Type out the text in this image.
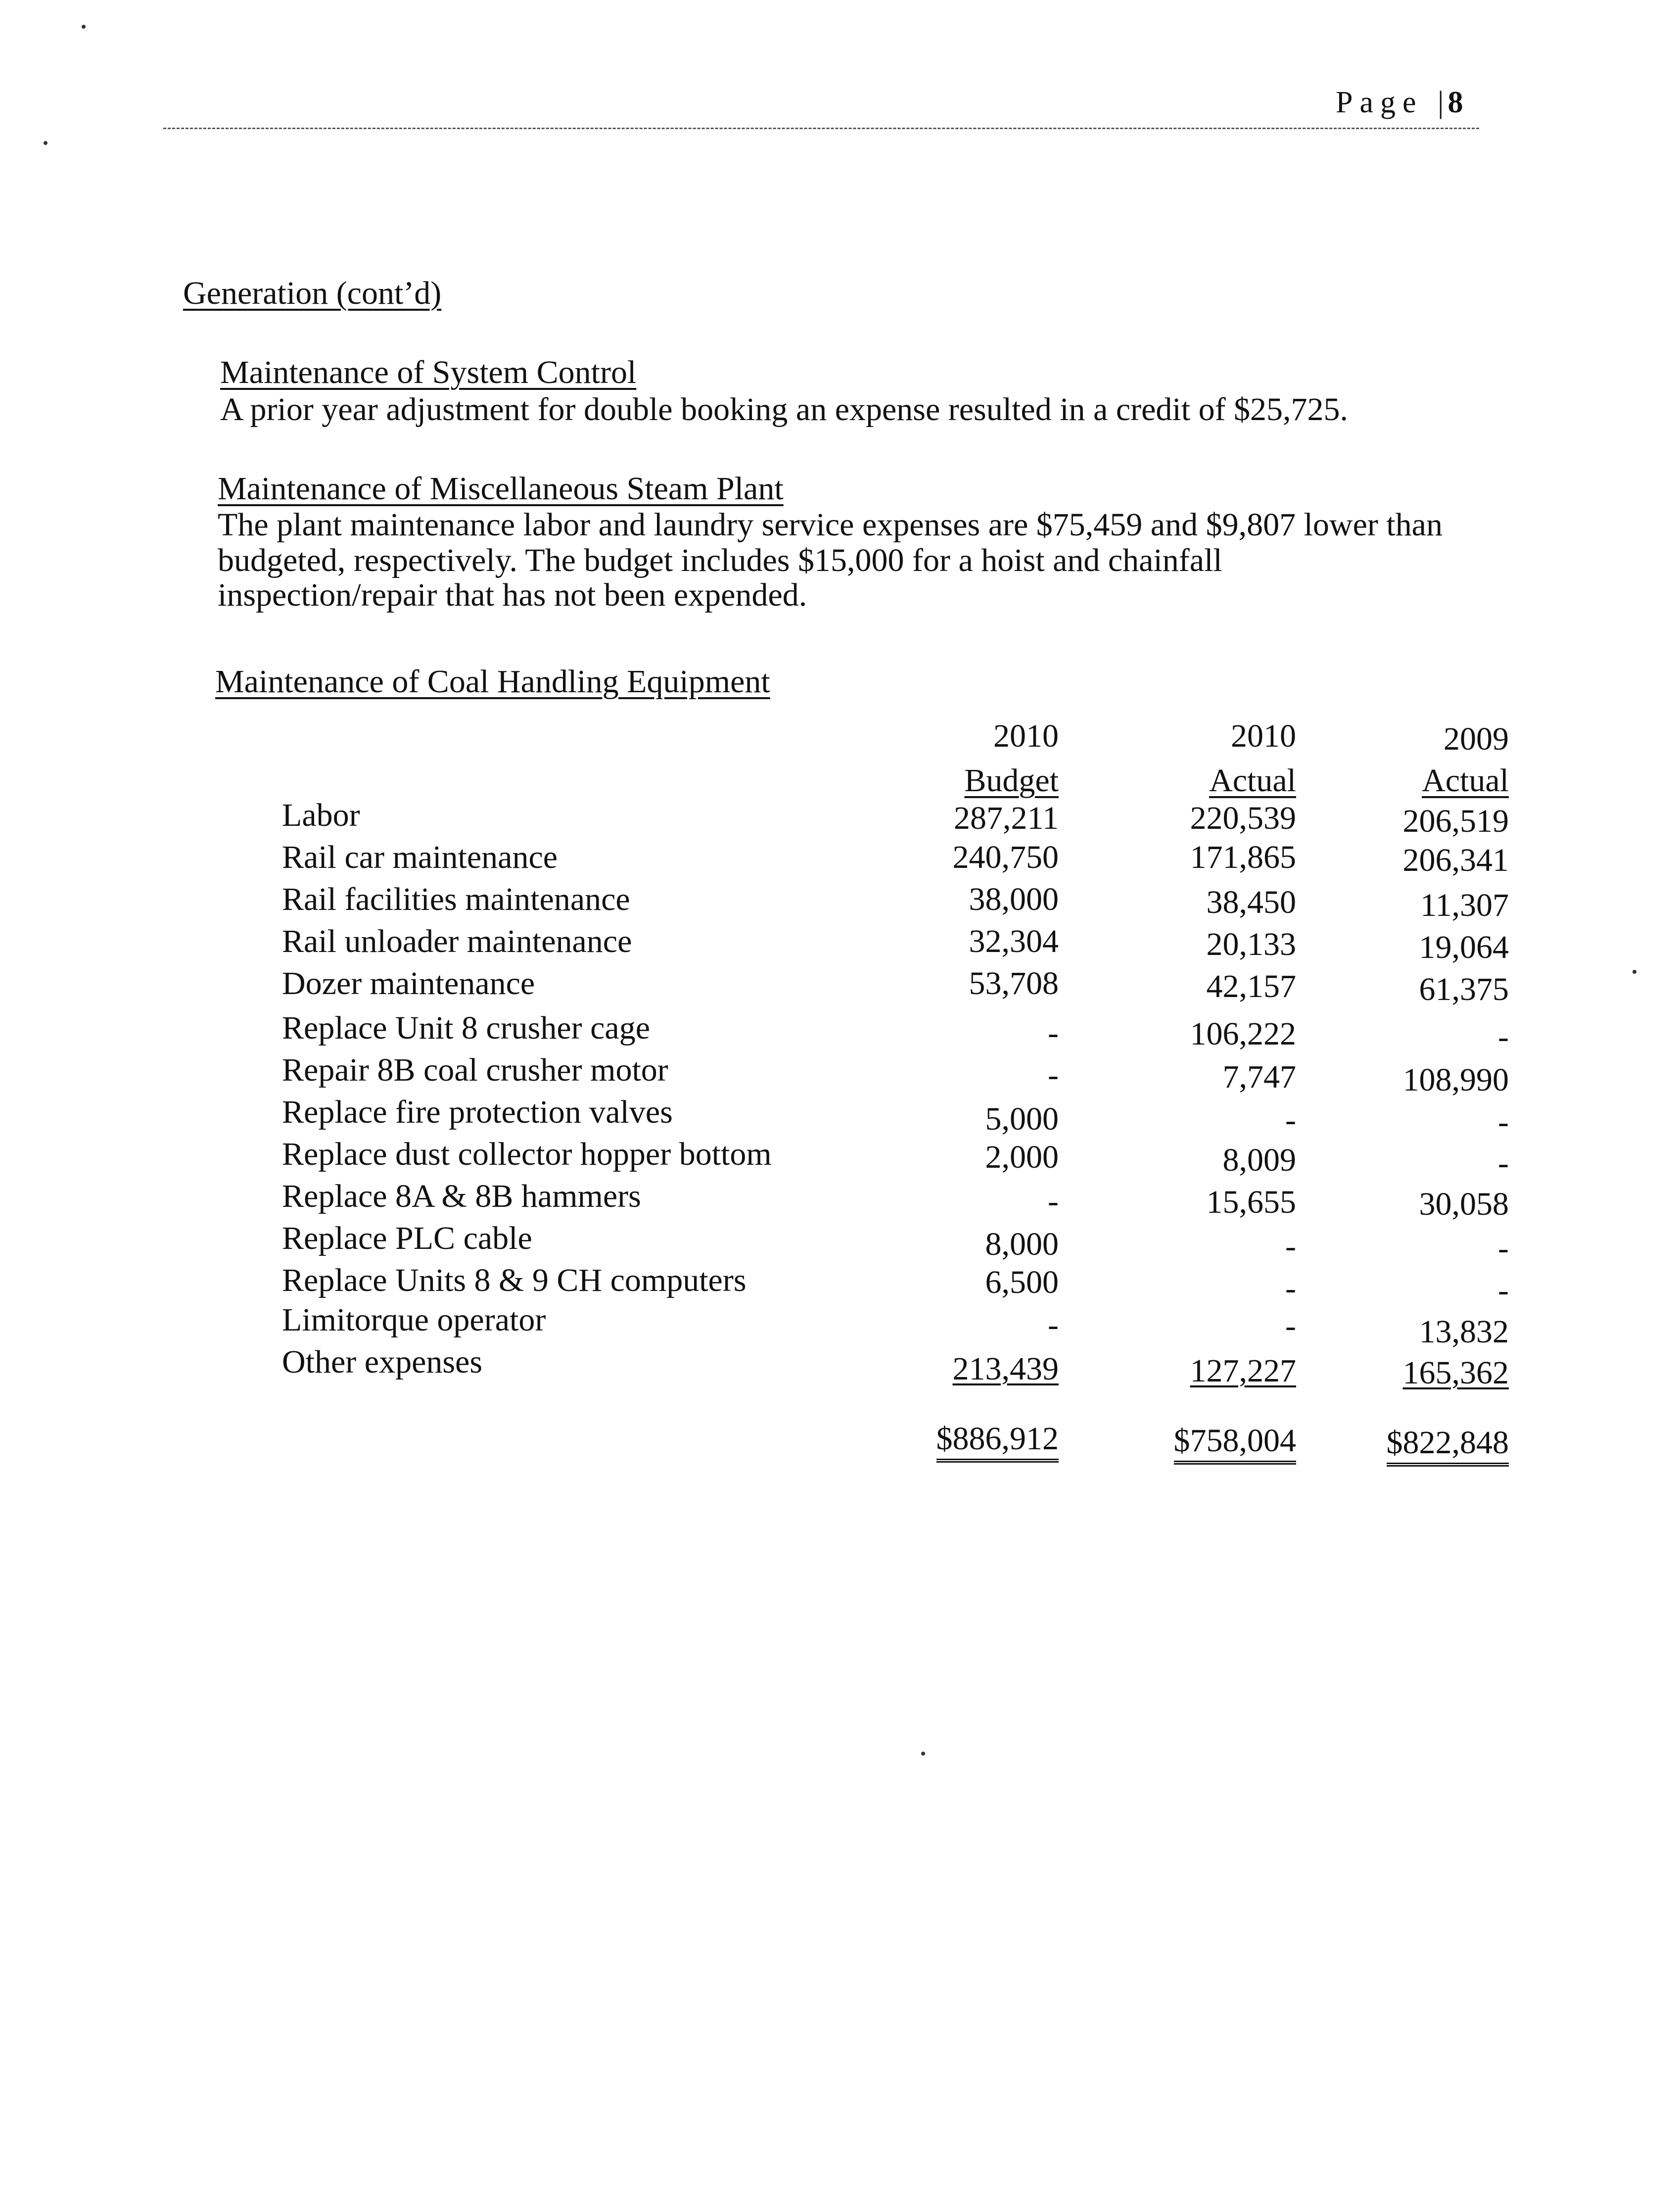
Page | 8
Generation (cont’d)
Maintenance of System Control
A prior year adjustment for double booking an expense resulted in a credit of $25,725.
Maintenance of Miscellaneous Steam Plant
The plant maintenance labor and laundry service expenses are $75,459 and $9,807 lower than
budgeted, respectively. The budget includes $15,000 for a hoist and chainfall
inspection/repair that has not been expended.
Maintenance of Coal Handling Equipment
2010	2010	2009
Budget	Actual	Actual
Labor	287,211	220,539	206,519
Rail car maintenance	240,750	171,865	206,341
Rail facilities maintenance	38,000	38,450	11,307
Rail unloader maintenance	32,304	20,133	19,064
Dozer maintenance	53,708	42,157	61,375
Replace Unit 8 crusher cage	-	106,222	-
Repair 8B coal crusher motor	-	7,747	108,990
Replace fire protection valves	5,000	-	-
Replace dust collector hopper bottom	2,000	8,009	-
Replace 8A & 8B hammers	-	15,655	30,058
Replace PLC cable	8,000	-	-
Replace Units 8 & 9 CH computers	6,500	-	-
Limitorque operator	-	-	13,832
Other expenses	213,439	127,227	165,362
$886,912	$758,004	$822,848
